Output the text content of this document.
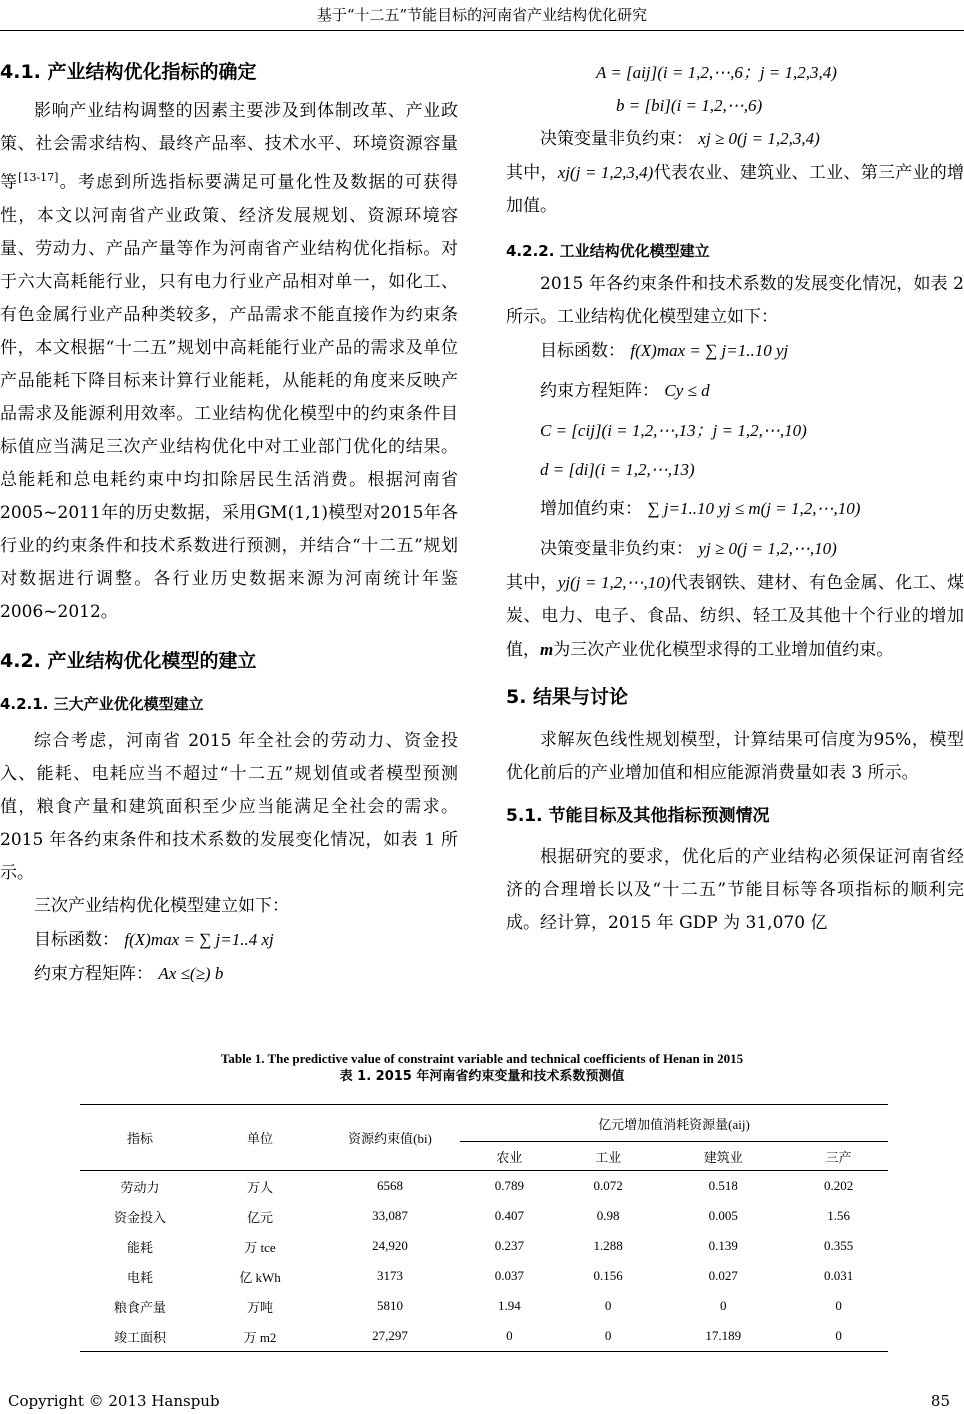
基于“十二五”节能目标的河南省产业结构优化研究
4.1. 产业结构优化指标的确定

影响产业结构调整的因素主要涉及到体制改革、产业政策、社会需求结构、最终产品率、技术水平、环境资源容量等[13-17]。考虑到所选指标要满足可量化性及数据的可获得性，本文以河南省产业政策、经济发展规划、资源环境容量、劳动力、产品产量等作为河南省产业结构优化指标。对于六大高耗能行业，只有电力行业产品相对单一，如化工、有色金属行业产品种类较多，产品需求不能直接作为约束条件，本文根据“十二五”规划中高耗能行业产品的需求及单位产品能耗下降目标来计算行业能耗，从能耗的角度来反映产品需求及能源利用效率。工业结构优化模型中的约束条件目标值应当满足三次产业结构优化中对工业部门优化的结果。总能耗和总电耗约束中均扣除居民生活消费。根据河南省2005~2011年的历史数据，采用GM(1,1)模型对2015年各行业的约束条件和技术系数进行预测，并结合“十二五”规划对数据进行调整。各行业历史数据来源为河南统计年鉴2006~2012。

4.2. 产业结构优化模型的建立
4.2.1. 三大产业优化模型建立

综合考虑，河南省 2015 年全社会的劳动力、资金投入、能耗、电耗应当不超过“十二五”规划值或者模型预测值，粮食产量和建筑面积至少应当能满足全社会的需求。2015 年各约束条件和技术系数的发展变化情况，如表 1 所示。

三次产业结构优化模型建立如下：

目标函数： f(X)max = ∑ j=1..4 xj
约束方程矩阵： Ax ≤(≥) b
A = [aij](i = 1,2,⋯,6；j = 1,2,3,4)
b = [bi](i = 1,2,⋯,6)
决策变量非负约束： xj ≥ 0(j = 1,2,3,4)

其中，xj(j = 1,2,3,4)代表农业、建筑业、工业、第三产业的增加值。

4.2.2. 工业结构优化模型建立

2015 年各约束条件和技术系数的发展变化情况，如表 2 所示。工业结构优化模型建立如下：

目标函数： f(X)max = ∑ j=1..10 yj
约束方程矩阵： Cy ≤ d
C = [cij](i = 1,2,⋯,13；j = 1,2,⋯,10)
d = [di](i = 1,2,⋯,13)
增加值约束： ∑ j=1..10 yj ≤ m(j = 1,2,⋯,10)
决策变量非负约束： yj ≥ 0(j = 1,2,⋯,10)

其中，yj(j = 1,2,⋯,10)代表钢铁、建材、有色金属、化工、煤炭、电力、电子、食品、纺织、轻工及其他十个行业的增加值，m为三次产业优化模型求得的工业增加值约束。

5. 结果与讨论

求解灰色线性规划模型，计算结果可信度为95%，模型优化前后的产业增加值和相应能源消费量如表 3 所示。

5.1. 节能目标及其他指标预测情况

根据研究的要求，优化后的产业结构必须保证河南省经济的合理增长以及“十二五”节能目标等各项指标的顺利完成。经计算，2015 年 GDP 为 31,070 亿

Table 1. The predictive value of constraint variable and technical coefficients of Henan in 2015
表 1. 2015 年河南省约束变量和技术系数预测值
指标	单位	资源约束值(bi)	亿元增加值消耗资源量(aij)			
			农业	工业	建筑业	三产
劳动力	万人	6568	0.789	0.072	0.518	0.202
资金投入	亿元	33,087	0.407	0.98	0.005	1.56
能耗	万 tce	24,920	0.237	1.288	0.139	0.355
电耗	亿 kWh	3173	0.037	0.156	0.027	0.031
粮食产量	万吨	5810	1.94	0	0	0
竣工面积	万 m2	27,297	0	0	17.189	0
Copyright © 2013 Hanspub	85
